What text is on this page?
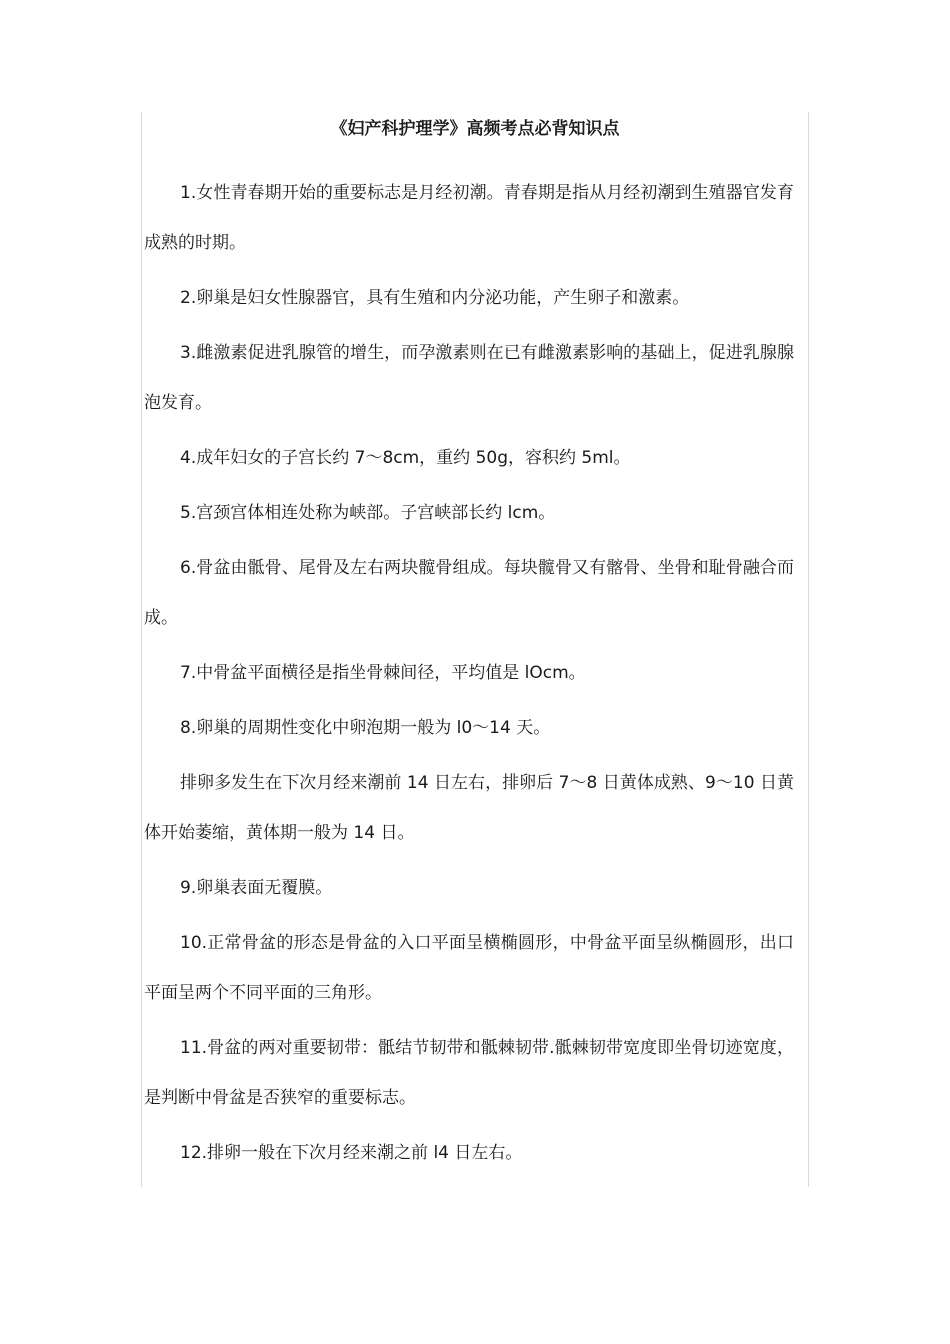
《妇产科护理学》高频考点必背知识点

1.女性青春期开始的重要标志是月经初潮。青春期是指从月经初潮到生殖器官发育成熟的时期。

2.卵巢是妇女性腺器官，具有生殖和内分泌功能，产生卵子和激素。

3.雌激素促进乳腺管的增生，而孕激素则在已有雌激素影响的基础上，促进乳腺腺泡发育。

4.成年妇女的子宫长约 7～8cm，重约 50g，容积约 5ml。

5.宫颈宫体相连处称为峡部。子宫峡部长约 lcm。

6.骨盆由骶骨、尾骨及左右两块髋骨组成。每块髋骨又有髂骨、坐骨和耻骨融合而成。

7.中骨盆平面横径是指坐骨棘间径，平均值是 lOcm。

8.卵巢的周期性变化中卵泡期一般为 l0～14 天。

排卵多发生在下次月经来潮前 14 日左右，排卵后 7～8 日黄体成熟、9～10 日黄体开始萎缩，黄体期一般为 14 日。

9.卵巢表面无覆膜。

10.正常骨盆的形态是骨盆的入口平面呈横椭圆形，中骨盆平面呈纵椭圆形，出口平面呈两个不同平面的三角形。

11.骨盆的两对重要韧带：骶结节韧带和骶棘韧带.骶棘韧带宽度即坐骨切迹宽度，是判断中骨盆是否狭窄的重要标志。

12.排卵一般在下次月经来潮之前 l4 日左右。
